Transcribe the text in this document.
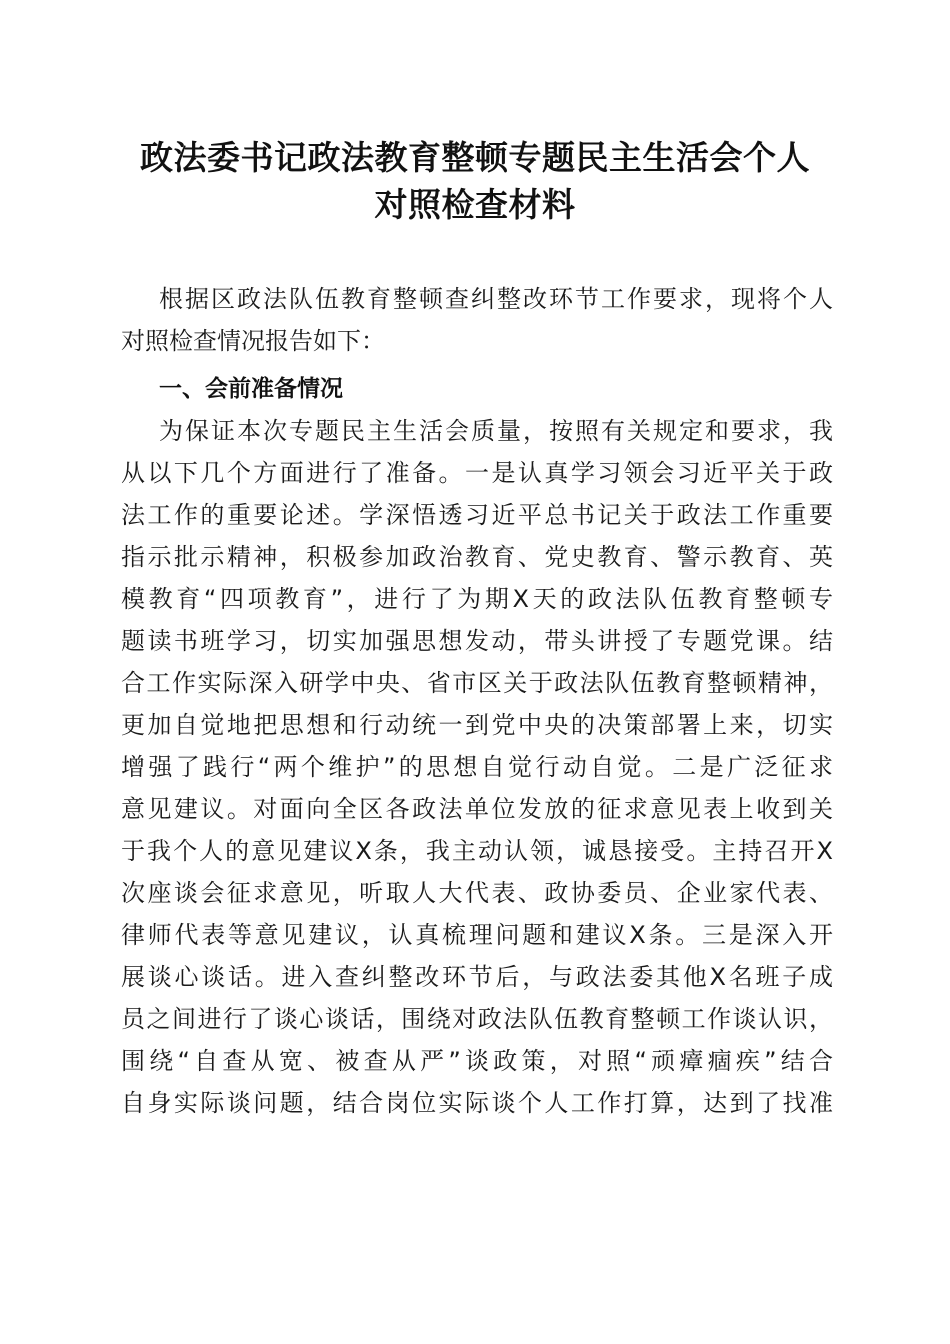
政法委书记政法教育整顿专题民主生活会个人
对照检查材料
根据区政法队伍教育整顿查纠整改环节工作要求，现将个人
对照检查情况报告如下：
一、会前准备情况
为保证本次专题民主生活会质量，按照有关规定和要求，我
从以下几个方面进行了准备。一是认真学习领会习近平关于政
法工作的重要论述。学深悟透习近平总书记关于政法工作重要
指示批示精神，积极参加政治教育、党史教育、警示教育、英
模教育“四项教育”，进行了为期X天的政法队伍教育整顿专
题读书班学习，切实加强思想发动，带头讲授了专题党课。结
合工作实际深入研学中央、省市区关于政法队伍教育整顿精神，
更加自觉地把思想和行动统一到党中央的决策部署上来，切实
增强了践行“两个维护”的思想自觉行动自觉。二是广泛征求
意见建议。对面向全区各政法单位发放的征求意见表上收到关
于我个人的意见建议X条，我主动认领，诚恳接受。主持召开X
次座谈会征求意见，听取人大代表、政协委员、企业家代表、
律师代表等意见建议，认真梳理问题和建议X条。三是深入开
展谈心谈话。进入查纠整改环节后，与政法委其他X名班子成
员之间进行了谈心谈话，围绕对政法队伍教育整顿工作谈认识，
围绕“自查从宽、被查从严”谈政策，对照“顽瘴痼疾”结合
自身实际谈问题，结合岗位实际谈个人工作打算，达到了找准
